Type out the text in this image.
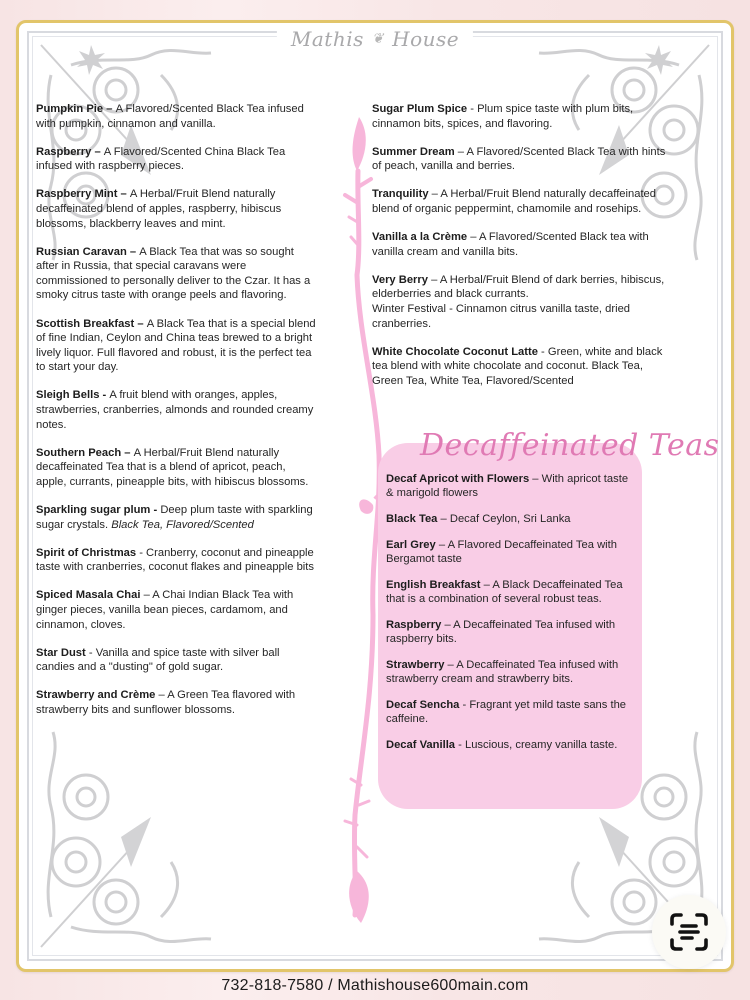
Mathis ❦ House
Pumpkin Pie – A Flavored/Scented Black Tea infused with pumpkin, cinnamon and vanilla.
Raspberry – A Flavored/Scented China Black Tea infused with raspberry pieces.
Raspberry Mint – A Herbal/Fruit Blend naturally decaffeinated blend of apples, raspberry, hibiscus blossoms, blackberry leaves and mint.
Russian Caravan – A Black Tea that was so sought after in Russia, that special caravans were commissioned to personally deliver to the Czar. It has a smoky citrus taste with orange peels and flavoring.
Scottish Breakfast – A Black Tea that is a special blend of fine Indian, Ceylon and China teas brewed to a bright lively liquor. Full flavored and robust, it is the perfect tea to start your day.
Sleigh Bells - A fruit blend with oranges, apples, strawberries, cranberries, almonds and rounded creamy notes.
Southern Peach – A Herbal/Fruit Blend naturally decaffeinated Tea that is a blend of apricot, peach, apple, currants, pineapple bits, with hibiscus blossoms.
Sparkling sugar plum - Deep plum taste with sparkling sugar crystals. Black Tea, Flavored/Scented
Spirit of Christmas - Cranberry, coconut and pineapple taste with cranberries, coconut flakes and pineapple bits
Spiced Masala Chai – A Chai Indian Black Tea with ginger pieces, vanilla bean pieces, cardamom, and cinnamon, cloves.
Star Dust - Vanilla and spice taste with silver ball candies and a "dusting" of gold sugar.
Strawberry and Crème – A Green Tea flavored with strawberry bits and sunflower blossoms.
Sugar Plum Spice - Plum spice taste with plum bits, cinnamon bits, spices, and flavoring.
Summer Dream – A Flavored/Scented Black Tea with hints of peach, vanilla and berries.
Tranquility – A Herbal/Fruit Blend naturally decaffeinated blend of organic peppermint, chamomile and rosehips.
Vanilla a la Crème – A Flavored/Scented Black tea with vanilla cream and vanilla bits.
Very Berry – A Herbal/Fruit Blend of dark berries, hibiscus, elderberries and black currants.
Winter Festival - Cinnamon citrus vanilla taste, dried cranberries.
White Chocolate Coconut Latte - Green, white and black tea blend with white chocolate and coconut. Black Tea, Green Tea, White Tea, Flavored/Scented
Decaffeinated Teas
Decaf Apricot with Flowers – With apricot taste & marigold flowers
Black Tea – Decaf Ceylon, Sri Lanka
Earl Grey – A Flavored Decaffeinated Tea with Bergamot taste
English Breakfast – A Black Decaffeinated Tea that is a combination of several robust teas.
Raspberry – A Decaffeinated Tea infused with raspberry bits.
Strawberry – A Decaffeinated Tea infused with strawberry cream and strawberry bits.
Decaf Sencha - Fragrant yet mild taste sans the caffeine.
Decaf Vanilla - Luscious, creamy vanilla taste.
732-818-7580 / Mathishouse600main.com
